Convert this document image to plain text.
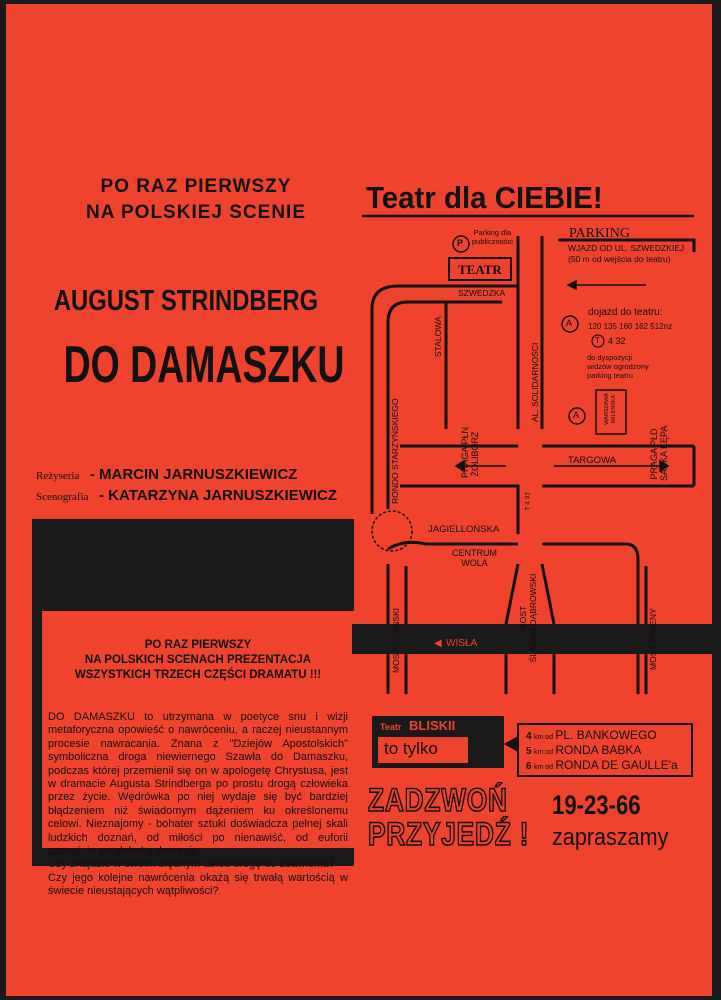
PO RAZ PIERWSZY
NA POLSKIEJ SCENIE
AUGUST STRINDBERG
DO DAMASZKU
Reżyseria - MARCIN JARNUSZKIEWICZ
Scenografia - KATARZYNA JARNUSZKIEWICZ
PO RAZ PIERWSZY
NA POLSKICH SCENACH PREZENTACJA
WSZYSTKICH TRZECH CZĘŚCI DRAMATU !!!

DO DAMASZKU to utrzymana w poetyce snu i wizji metaforyczna opowieść o nawróceniu, a raczej nieustannym procesie nawracania. Znana z "Dziejów Apostolskich" symboliczna droga niewiernego Szawła do Damaszku, podczas której przemienił się on w apologetę Chrystusa, jest w dramacie Augusta Strindberga po prostu drogą człowieka przez życie. Wędrówka po niej wydaje się być bardziej błądzeniem niż świadomym dążeniem ku określonemu celowi. Nieznajomy - bohater sztuki doświadcza pełnej skali ludzkich doznań, od miłości po nienawiść, od euforii szczęścia po głęboką depresję.

Czy znajdzie w swoim błędnym tańcu drogę do zbawienia?

Czy jego kolejne nawrócenia okażą się trwałą wartością w świecie nieustających wątpliwości?

Teatr dla CIEBIE!
Parking dla
publiczności
P
TEATR
PARKING
WJAZD OD UL. SZWEDZKIEJ
(50 m od wejścia do teatru)
dojazd do teatru:
A
A
120 135 160 162 512nz
T 4 32
do dyspozycji
widzów ogrodzony
parking teatru
WARSZAWA WILEŃSKA
SZWEDZKA
STALOWA
AL. SOLIDARNOŚCI
RONDO STARZYŃSKIEGO	PRAGA PŁN ŻOLIBORZ	PRAGA PŁD SASKA KĘPA
TARGOWA
JAGIELLOŃSKA
CENTRUM
WOLA
T 4 32
MOST GDAŃSKI	MOST ŚLĄSKO-DĄBROWSKI	MOST SYRENY
◀ WISŁA
Teatr BLISKII
to tylko
4 km od PL. BANKOWEGO
5 km od RONDA BABKA
6 km od RONDA DE GAULLE'a
ZADZWOŃ
PRZYJEDŹ !
19-23-66
zapraszamy
